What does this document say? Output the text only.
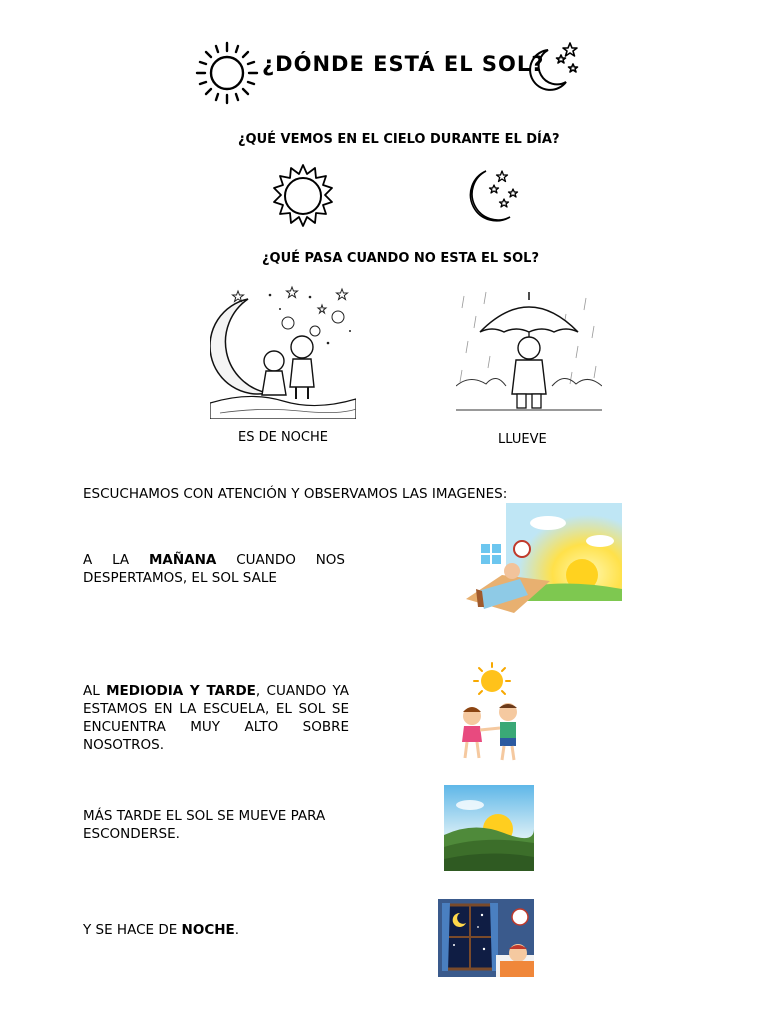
¿DÓNDE ESTÁ EL SOL?
¿QUÉ VEMOS EN EL CIELO DURANTE EL DÍA?
¿QUÉ PASA CUANDO NO ESTA EL SOL?
ES DE NOCHE	LLUEVE
ESCUCHAMOS CON ATENCIÓN Y OBSERVAMOS LAS IMAGENES:
A LA MAÑANA CUANDO NOS
DESPERTAMOS, EL SOL SALE
AL MEDIODIA Y TARDE, CUANDO YA
ESTAMOS EN LA ESCUELA, EL SOL SE
ENCUENTRA MUY ALTO SOBRE
NOSOTROS.
MÁS TARDE EL SOL SE MUEVE PARA
ESCONDERSE.
Y SE HACE DE NOCHE.
